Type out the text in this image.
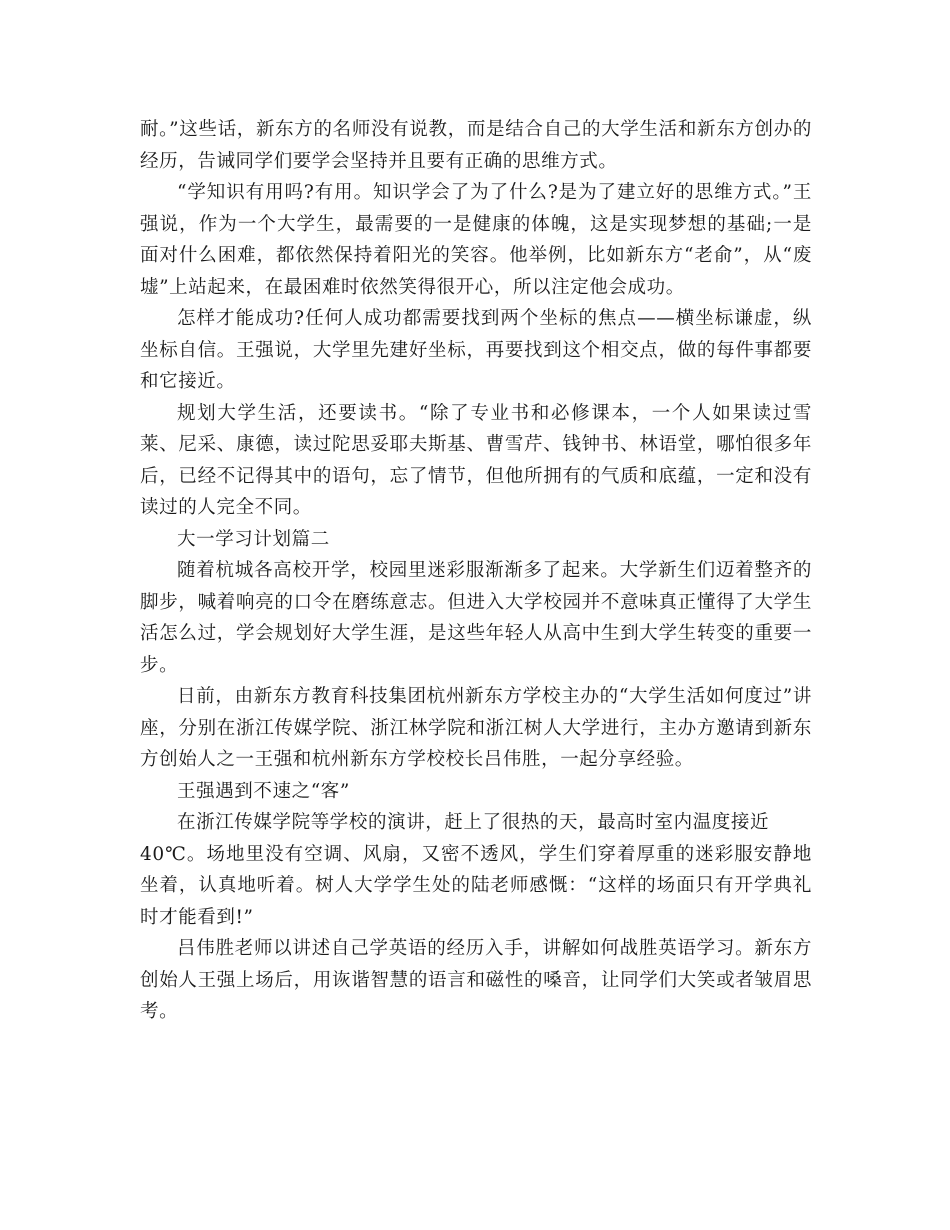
耐。”这些话，新东方的名师没有说教，而是结合自己的大学生活和新东方创办的经历，告诫同学们要学会坚持并且要有正确的思维方式。

“学知识有用吗?有用。知识学会了为了什么?是为了建立好的思维方式。”王强说，作为一个大学生，最需要的一是健康的体魄，这是实现梦想的基础;一是面对什么困难，都依然保持着阳光的笑容。他举例，比如新东方“老俞”，从“废墟”上站起来，在最困难时依然笑得很开心，所以注定他会成功。

怎样才能成功?任何人成功都需要找到两个坐标的焦点——横坐标谦虚，纵坐标自信。王强说，大学里先建好坐标，再要找到这个相交点，做的每件事都要和它接近。

规划大学生活，还要读书。“除了专业书和必修课本，一个人如果读过雪莱、尼采、康德，读过陀思妥耶夫斯基、曹雪芹、钱钟书、林语堂，哪怕很多年后，已经不记得其中的语句，忘了情节，但他所拥有的气质和底蕴，一定和没有读过的人完全不同。

大一学习计划篇二

随着杭城各高校开学，校园里迷彩服渐渐多了起来。大学新生们迈着整齐的脚步，喊着响亮的口令在磨练意志。但进入大学校园并不意味真正懂得了大学生活怎么过，学会规划好大学生涯，是这些年轻人从高中生到大学生转变的重要一步。

日前，由新东方教育科技集团杭州新东方学校主办的“大学生活如何度过”讲座，分别在浙江传媒学院、浙江林学院和浙江树人大学进行，主办方邀请到新东方创始人之一王强和杭州新东方学校校长吕伟胜，一起分享经验。

王强遇到不速之“客”

在浙江传媒学院等学校的演讲，赶上了很热的天，最高时室内温度接近

40℃。场地里没有空调、风扇，又密不透风，学生们穿着厚重的迷彩服安静地坐着，认真地听着。树人大学学生处的陆老师感慨：“这样的场面只有开学典礼时才能看到!”

吕伟胜老师以讲述自己学英语的经历入手，讲解如何战胜英语学习。新东方创始人王强上场后，用诙谐智慧的语言和磁性的嗓音，让同学们大笑或者皱眉思考。
